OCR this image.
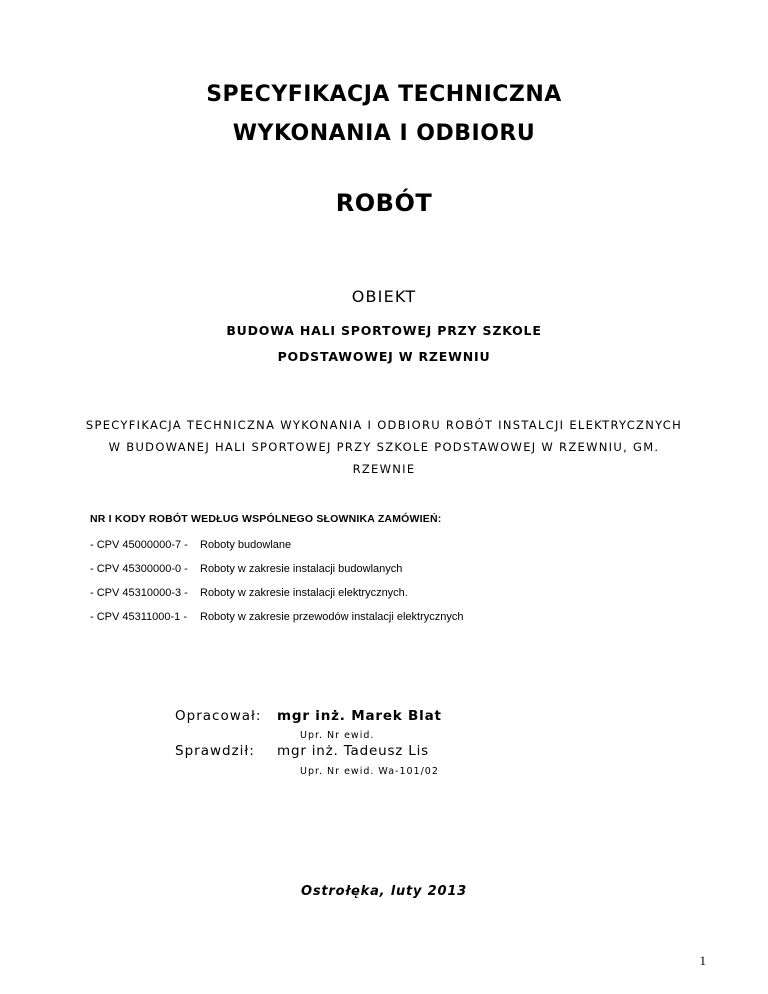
SPECYFIKACJA TECHNICZNA
WYKONANIA I ODBIORU
ROBÓT
OBIEKT
BUDOWA HALI SPORTOWEJ PRZY SZKOLE
PODSTAWOWEJ W RZEWNIU
SPECYFIKACJA TECHNICZNA WYKONANIA I ODBIORU ROBÓT INSTALCJI ELEKTRYCZNYCH
W BUDOWANEJ HALI SPORTOWEJ PRZY SZKOLE PODSTAWOWEJ W RZEWNIU, GM.
RZEWNIE
NR I KODY ROBÓT WEDŁUG WSPÓLNEGO SŁOWNIKA ZAMÓWIEŃ:
- CPV 45000000-7 - Roboty budowlane
- CPV 45300000-0 - Roboty w zakresie instalacji budowlanych
- CPV 45310000-3 - Roboty w zakresie instalacji elektrycznych.
- CPV 45311000-1 - Roboty w zakresie przewodów instalacji elektrycznych
Opracował: mgr inż. Marek Blat
Upr. Nr ewid.
Sprawdził: mgr inż. Tadeusz Lis
Upr. Nr ewid. Wa-101/02
Ostrołęka, luty 2013
1
